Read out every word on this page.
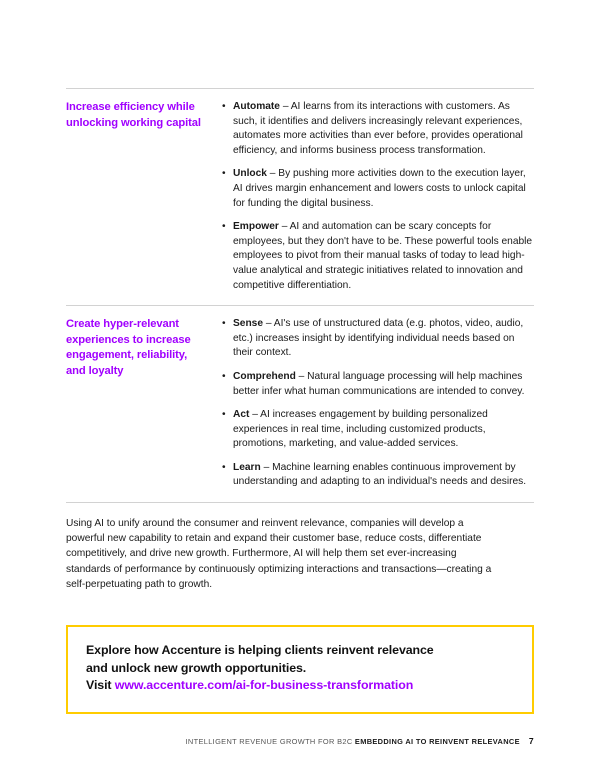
Increase efficiency while unlocking working capital
• Automate – AI learns from its interactions with customers. As such, it identifies and delivers increasingly relevant experiences, automates more activities than ever before, provides operational efficiency, and informs business process transformation.
• Unlock – By pushing more activities down to the execution layer, AI drives margin enhancement and lowers costs to unlock capital for funding the digital business.
• Empower – AI and automation can be scary concepts for employees, but they don't have to be. These powerful tools enable employees to pivot from their manual tasks of today to lead high-value analytical and strategic initiatives related to innovation and competitive differentiation.
Create hyper-relevant experiences to increase engagement, reliability, and loyalty
• Sense – AI's use of unstructured data (e.g. photos, video, audio, etc.) increases insight by identifying individual needs based on their context.
• Comprehend – Natural language processing will help machines better infer what human communications are intended to convey.
• Act – AI increases engagement by building personalized experiences in real time, including customized products, promotions, marketing, and value-added services.
• Learn – Machine learning enables continuous improvement by understanding and adapting to an individual's needs and desires.
Using AI to unify around the consumer and reinvent relevance, companies will develop a powerful new capability to retain and expand their customer base, reduce costs, differentiate competitively, and drive new growth. Furthermore, AI will help them set ever-increasing standards of performance by continuously optimizing interactions and transactions—creating a self-perpetuating path to growth.
Explore how Accenture is helping clients reinvent relevance
and unlock new growth opportunities.
Visit www.accenture.com/ai-for-business-transformation
INTELLIGENT REVENUE GROWTH FOR B2C EMBEDDING AI TO REINVENT RELEVANCE 7
